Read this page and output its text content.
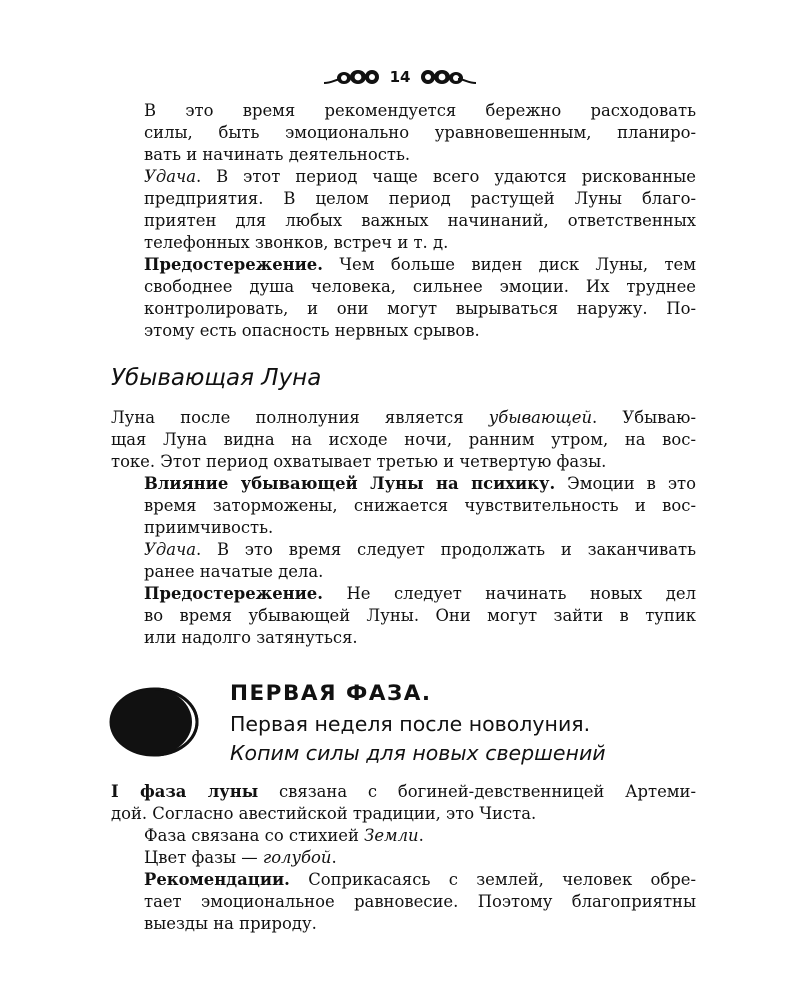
14

В это время рекомендуется бережно расходовать
силы, быть эмоционально уравновешенным, планиро-
вать и начинать деятельность.

Удача. В этот период чаще всего удаются рискованные
предприятия. В целом период растущей Луны благо-
приятен для любых важных начинаний, ответственных
телефонных звонков, встреч и т. д.

Предостережение. Чем больше виден диск Луны, тем
свободнее душа человека, сильнее эмоции. Их труднее
контролировать, и они могут вырываться наружу. По-
этому есть опасность нервных срывов.

Убывающая Луна

Луна после полнолуния является убывающей. Убываю-
щая Луна видна на исходе ночи, ранним утром, на вос-
токе. Этот период охватывает третью и четвертую фазы.

Влияние убывающей Луны на психику. Эмоции в это
время заторможены, снижается чувствительность и вос-
приимчивость.

Удача. В это время следует продолжать и заканчивать
ранее начатые дела.

Предостережение. Не следует начинать новых дел
во время убывающей Луны. Они могут зайти в тупик
или надолго затянуться.

ПЕРВАЯ ФАЗА.

Первая неделя после новолуния.

Копим силы для новых свершений

I фаза луны связана с богиней-девственницей Артеми-
дой. Согласно авестийской традиции, это Чиста.

Фаза связана со стихией Земли.

Цвет фазы — голубой.

Рекомендации. Соприкасаясь с землей, человек обре-
тает эмоциональное равновесие. Поэтому благоприятны
выезды на природу.
